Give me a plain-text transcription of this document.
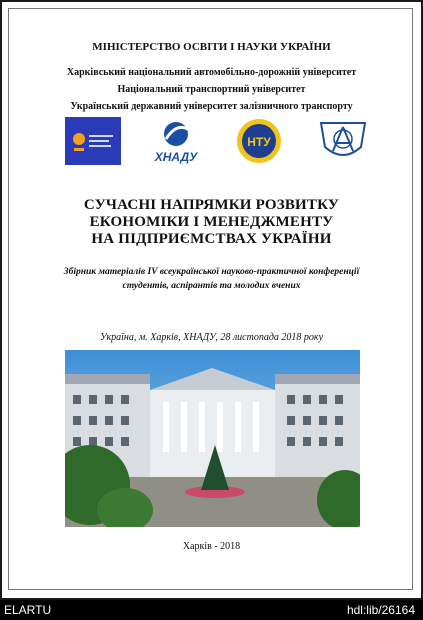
МІНІСТЕРСТВО ОСВІТИ І НАУКИ УКРАЇНИ
Харківський національний автомобільно-дорожній університет
Національний транспортний університет
Український державний університет залізничного транспорту
ХНАДУ
НТУ
СУЧАСНІ НАПРЯМКИ РОЗВИТКУ
ЕКОНОМІКИ І МЕНЕДЖМЕНТУ
НА ПІДПРИЄМСТВАХ УКРАЇНИ
Збірник матеріалів IV всеукраїнської науково-практичної конференції
студентів, аспірантів та молодих вчених
Україна, м. Харків, ХНАДУ, 28 листопада 2018 року
Харків - 2018
ELARTU	hdl:lib/26164
